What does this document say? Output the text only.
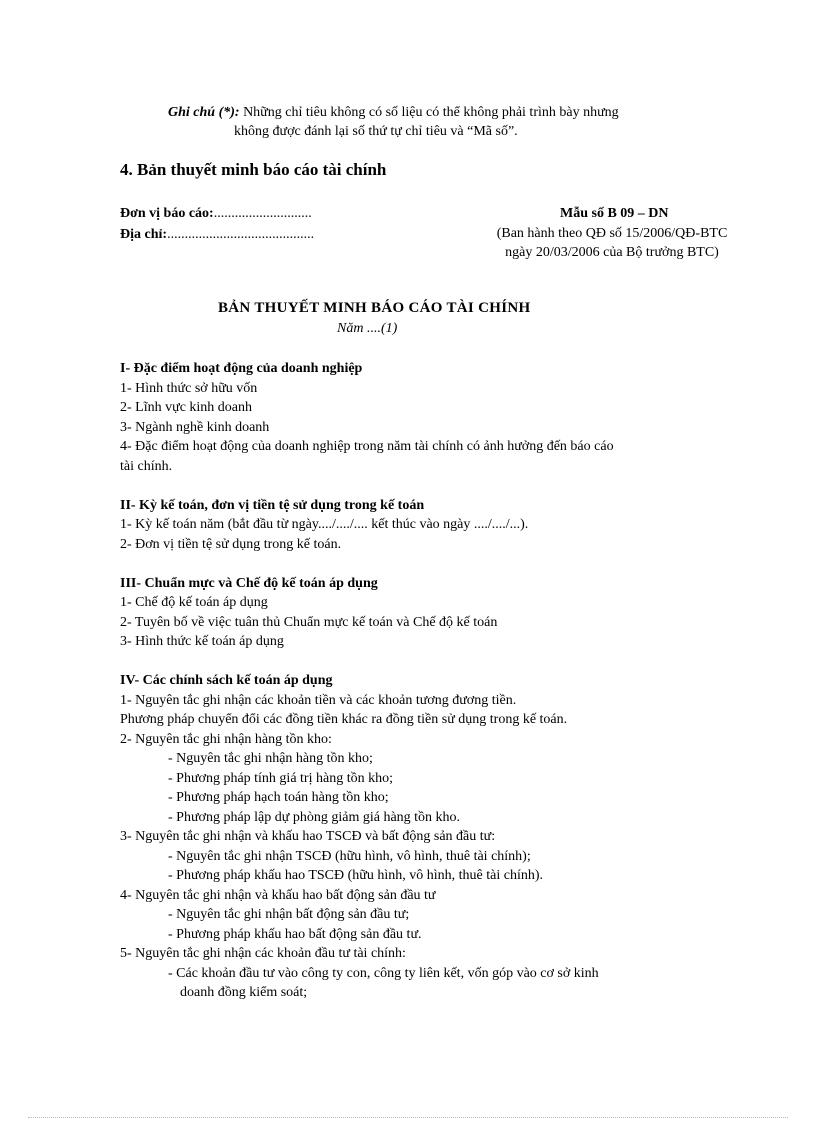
Ghi chú (*): Những chỉ tiêu không có số liệu có thể không phải trình bày nhưng
không được đánh lại số thứ tự chỉ tiêu và “Mã số”.
4. Bản thuyết minh báo cáo tài chính
Đơn vị báo cáo:............................
Địa chỉ:..........................................
Mẫu số B 09 – DN
(Ban hành theo QĐ số 15/2006/QĐ-BTC
ngày 20/03/2006 của Bộ trưởng BTC)
BẢN THUYẾT MINH BÁO CÁO TÀI CHÍNH
Năm ....(1)
I- Đặc điểm hoạt động của doanh nghiệp
1- Hình thức sở hữu vốn
2- Lĩnh vực kinh doanh
3- Ngành nghề kinh doanh
4- Đặc điểm hoạt động của doanh nghiệp trong năm tài chính có ảnh hưởng đến báo cáo
tài chính.
II- Kỳ kế toán, đơn vị tiền tệ sử dụng trong kế toán
1- Kỳ kế toán năm (bắt đầu từ ngày..../..../.... kết thúc vào ngày ..../..../...).
2- Đơn vị tiền tệ sử dụng trong kế toán.
III- Chuẩn mực và Chế độ kế toán áp dụng
1- Chế độ kế toán áp dụng
2- Tuyên bố về việc tuân thủ Chuẩn mực kế toán và Chế độ kế toán
3- Hình thức kế toán áp dụng
IV- Các chính sách kế toán áp dụng
1- Nguyên tắc ghi nhận các khoản tiền và các khoản tương đương tiền.
Phương pháp chuyển đổi các đồng tiền khác ra đồng tiền sử dụng trong kế toán.
2- Nguyên tắc ghi nhận hàng tồn kho:
- Nguyên tắc ghi nhận hàng tồn kho;
- Phương pháp tính giá trị hàng tồn kho;
- Phương pháp hạch toán hàng tồn kho;
- Phương pháp lập dự phòng giảm giá hàng tồn kho.
3- Nguyên tắc ghi nhận và khấu hao TSCĐ và bất động sản đầu tư:
- Nguyên tắc ghi nhận TSCĐ (hữu hình, vô hình, thuê tài chính);
- Phương pháp khấu hao TSCĐ (hữu hình, vô hình, thuê tài chính).
4- Nguyên tắc ghi nhận và khấu hao bất động sản đầu tư
- Nguyên tắc ghi nhận bất động sản đầu tư;
- Phương pháp khấu hao bất động sản đầu tư.
5- Nguyên tắc ghi nhận các khoản đầu tư tài chính:
- Các khoản đầu tư vào công ty con, công ty liên kết, vốn góp vào cơ sở kinh
doanh đồng kiểm soát;
